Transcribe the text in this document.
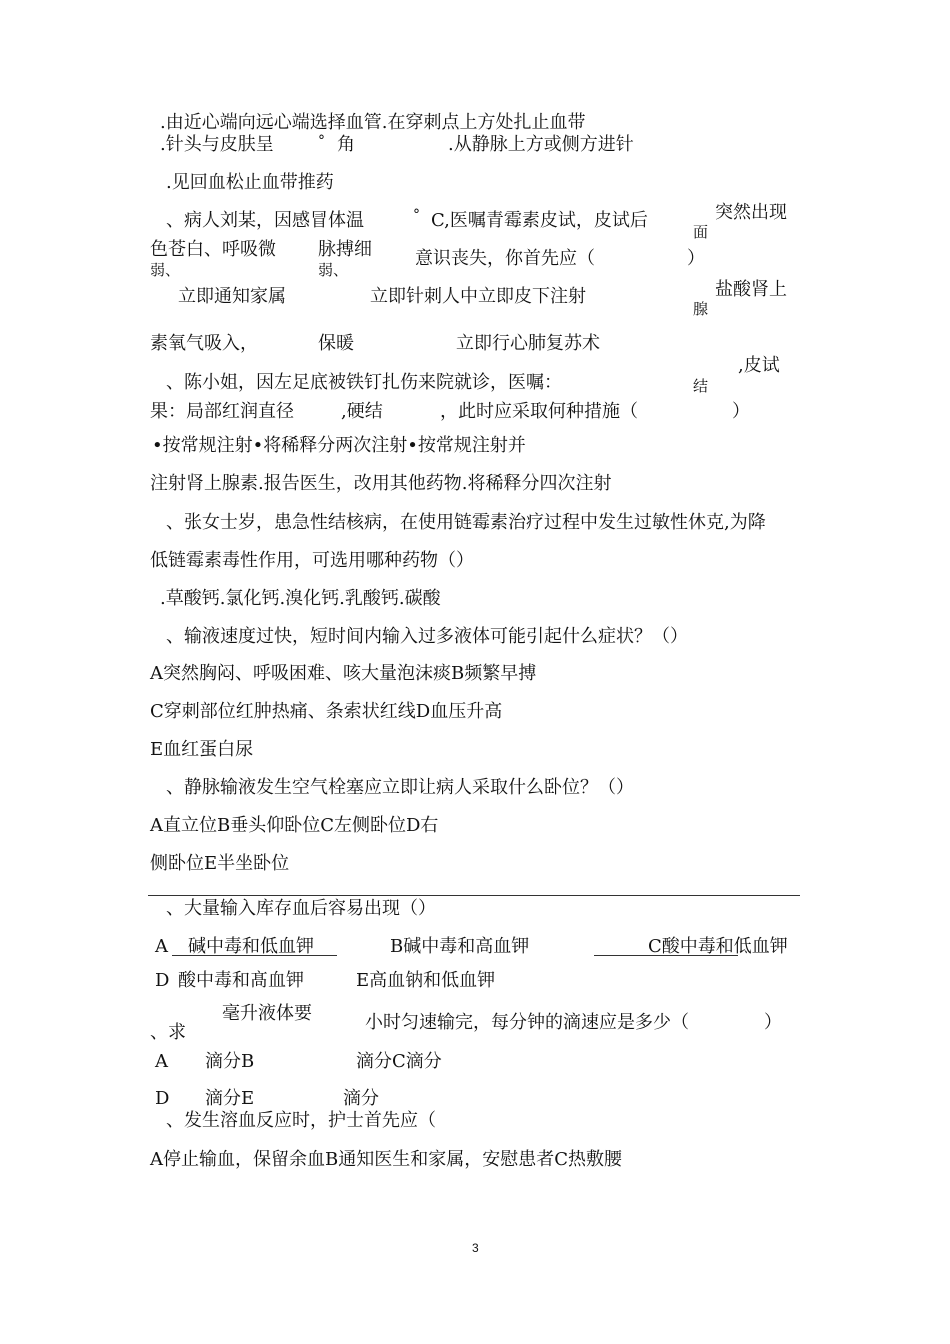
.由近心端向远心端选择血管.在穿刺点上方处扎止血带
.针头与皮肤呈	° 角	.从静脉上方或侧方进针
.见回血松止血带推药
、病人刘某，因感冒体温	° C,医嘱青霉素皮试，皮试后	突然出现
面
色苍白、呼吸微
弱、
脉搏细
弱、
意识丧失，你首先应（	）
立即通知家属	立即针刺人中立即皮下注射	盐酸肾上
腺
素氧气吸入，	保暖	立即行心肺复苏术
、陈小姐，因左足底被铁钉扎伤来院就诊，医嘱：
,皮试
结
果：局部红润直径	,硬结	，此时应采取何种措施（	）
•按常规注射•将稀释分两次注射•按常规注射并
注射肾上腺素.报告医生，改用其他药物.将稀释分四次注射
、张女士岁，患急性结核病，在使用链霉素治疗过程中发生过敏性休克,为降
低链霉素毒性作用，可选用哪种药物（）
.草酸钙.氯化钙.溴化钙.乳酸钙.碳酸
、输液速度过快，短时间内输入过多液体可能引起什么症状？（）
A突然胸闷、呼吸困难、咳大量泡沫痰B频繁早搏
C穿刺部位红肿热痛、条索状红线D血压升高
E血红蛋白尿
、静脉输液发生空气栓塞应立即让病人采取什么卧位？（）
A直立位B垂头仰卧位C左侧卧位D右
侧卧位E半坐卧位
、大量输入库存血后容易出现（）
A 碱中毒和低血钾	B碱中毒和高血钾	C酸中毒和低血钾
D 酸中毒和髙血钾	E高血钠和低血钾
毫升液体要
、求	小时匀速输完，每分钟的滴速应是多少（	）
A 滴分B	滴分C滴分
D 滴分E	滴分
、发生溶血反应时，护士首先应（
A停止输血，保留余血B通知医生和家属，安慰患者C热敷腰
3
